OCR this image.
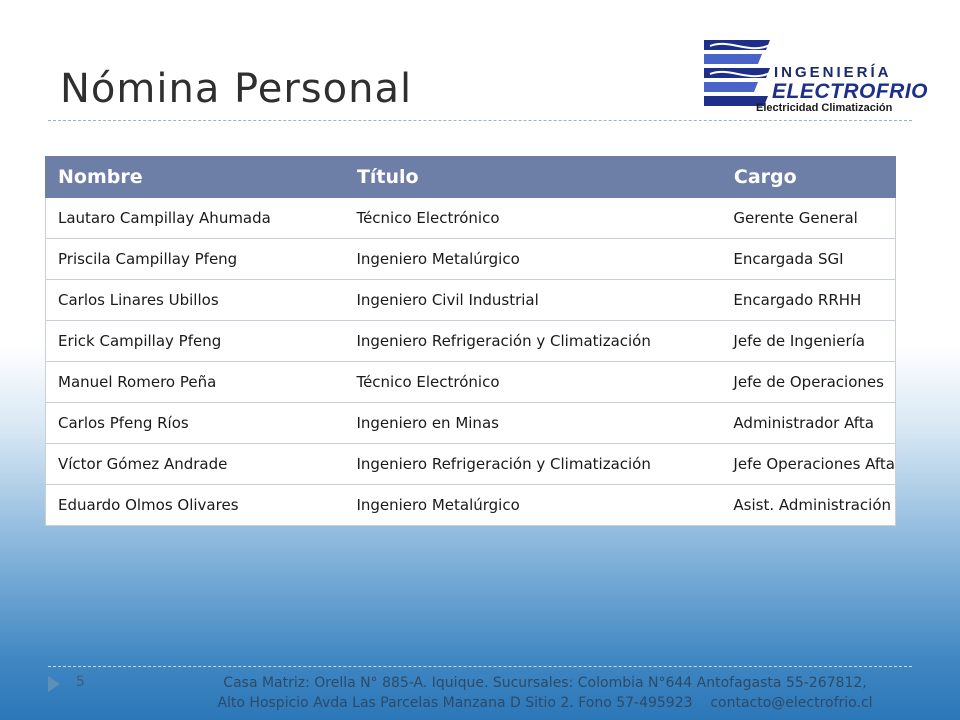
Nómina Personal	INGENIERÍA
ELECTROFRIO
Electricidad Climatización
Nombre	Título	Cargo
Lautaro Campillay Ahumada	Técnico Electrónico	Gerente General
Priscila Campillay Pfeng	Ingeniero Metalúrgico	Encargada SGI
Carlos Linares Ubillos	Ingeniero Civil Industrial	Encargado RRHH
Erick Campillay Pfeng	Ingeniero Refrigeración y Climatización	Jefe de Ingeniería
Manuel Romero Peña	Técnico Electrónico	Jefe de Operaciones
Carlos Pfeng Ríos	Ingeniero en Minas	Administrador Afta
Víctor Gómez Andrade	Ingeniero Refrigeración y Climatización	Jefe Operaciones Afta
Eduardo Olmos Olivares	Ingeniero Metalúrgico	Asist. Administración
5	Casa Matriz: Orella N° 885-A. Iquique. Sucursales: Colombia N°644 Antofagasta 55-267812,
Alto Hospicio Avda Las Parcelas Manzana D Sitio 2. Fono 57-495923    contacto@electrofrio.cl
